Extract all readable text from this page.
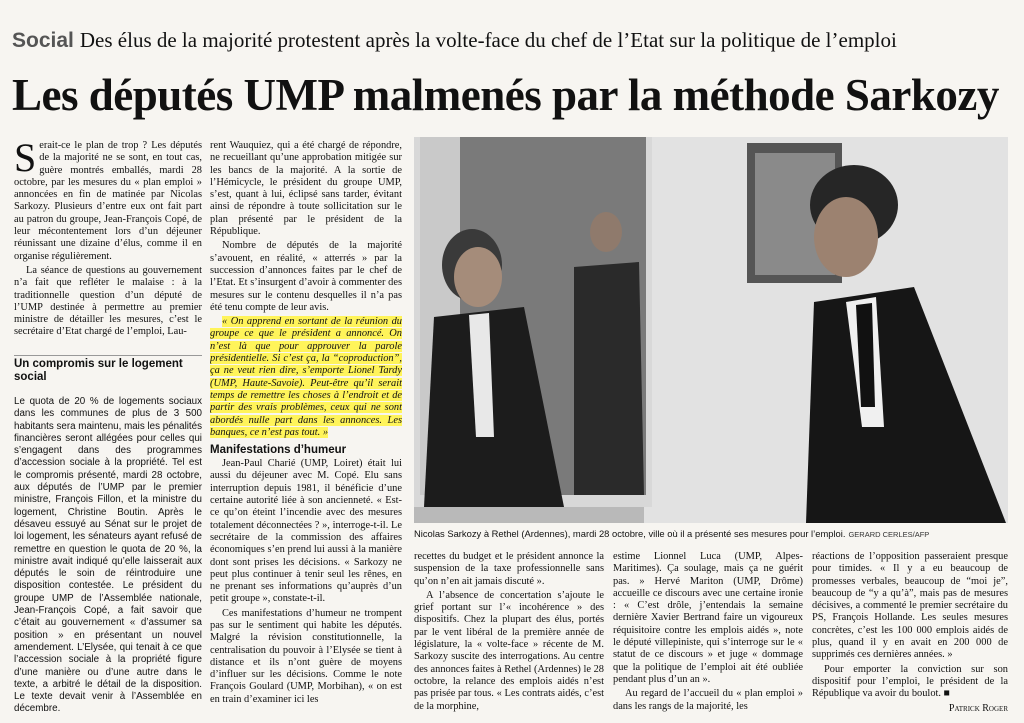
Social Des élus de la majorité protestent après la volte-face du chef de l’Etat sur la politique de l’emploi
Les députés UMP malmenés par la méthode Sarkozy

Serait-ce le plan de trop ? Les députés de la majorité ne se sont, en tout cas, guère montrés emballés, mardi 28 octobre, par les mesures du « plan emploi » annoncées en fin de matinée par Nicolas Sarkozy. Plusieurs d’entre eux ont fait part au patron du groupe, Jean-François Copé, de leur mécontentement lors d’un déjeuner réunissant une dizaine d’élus, comme il en organise régulièrement.

La séance de questions au gouvernement n’a fait que refléter le malaise : à la traditionnelle question d’un député de l’UMP destinée à permettre au premier ministre de détailler les mesures, c’est le secrétaire d’Etat chargé de l’emploi, Lau-

Un compromis sur le logement social

Le quota de 20 % de logements sociaux dans les communes de plus de 3 500 habitants sera maintenu, mais les pénalités financières seront allégées pour celles qui s’engagent dans des programmes d’accession sociale à la propriété. Tel est le compromis présenté, mardi 28 octobre, aux députés de l’UMP par le premier ministre, François Fillon, et la ministre du logement, Christine Boutin. Après le désaveu essuyé au Sénat sur le projet de loi logement, les sénateurs ayant refusé de remettre en question le quota de 20 %, la ministre avait indiqué qu’elle laisserait aux députés le soin de réintroduire une disposition contestée. Le président du groupe UMP de l’Assemblée nationale, Jean-François Copé, a fait savoir que c’était au gouvernement « d’assumer sa position » en présentant un nouvel amendement. L’Elysée, qui tenait à ce que l’accession sociale à la propriété figure d’une manière ou d’une autre dans le texte, a arbitré le détail de la disposition. Le texte devait venir à l’Assemblée en décembre.

rent Wauquiez, qui a été chargé de répondre, ne recueillant qu’une approbation mitigée sur les bancs de la majorité. A la sortie de l’Hémicycle, le président du groupe UMP, s’est, quant à lui, éclipsé sans tarder, évitant ainsi de répondre à toute sollicitation sur le plan présenté par le président de la République.

Nombre de députés de la majorité s’avouent, en réalité, « atterrés » par la succession d’annonces faites par le chef de l’Etat. Et s’insurgent d’avoir à commenter des mesures sur le contenu desquelles il n’a pas été tenu compte de leur avis.

« On apprend en sortant de la réunion du groupe ce que le président a annoncé. On n’est là que pour approuver la parole présidentielle. Si c’est ça, la “coproduction”, ça ne veut rien dire, s’emporte Lionel Tardy (UMP, Haute-Savoie). Peut-être qu’il serait temps de remettre les choses à l’endroit et de partir des vrais problèmes, ceux qui ne sont abordés nulle part dans les annonces. Les banques, ce n’est pas tout. »

Manifestations d’humeur

Jean-Paul Charié (UMP, Loiret) était lui aussi du déjeuner avec M. Copé. Elu sans interruption depuis 1981, il bénéficie d’une certaine autorité liée à son ancienneté. « Est-ce qu’on éteint l’incendie avec des mesures totalement déconnectées ? », interroge-t-il. Le secrétaire de la commission des affaires économiques s’en prend lui aussi à la manière dont sont prises les décisions. « Sarkozy ne peut plus continuer à tenir seul les rênes, en ne prenant ses informations qu’auprès d’un petit groupe », constate-t-il.

Ces manifestations d’humeur ne trompent pas sur le sentiment qui habite les députés. Malgré la révision constitutionnelle, la centralisation du pouvoir à l’Elysée se tient à distance et ils n’ont guère de moyens d’influer sur les décisions. Comme le note François Goulard (UMP, Morbihan), « on est en train d’examiner ici les

Nicolas Sarkozy à Rethel (Ardennes), mardi 28 octobre, ville où il a présenté ses mesures pour l’emploi. GERARD CERLES/AFP

recettes du budget et le président annonce la suspension de la taxe professionnelle sans qu’on n’en ait jamais discuté ».

A l’absence de concertation s’ajoute le grief portant sur l’« incohérence » des dispositifs. Chez la plupart des élus, portés par le vent libéral de la première année de législature, la « volte-face » récente de M. Sarkozy suscite des interrogations. Au centre des annonces faites à Rethel (Ardennes) le 28 octobre, la relance des emplois aidés n’est pas prisée par tous. « Les contrats aidés, c’est de la morphine,

estime Lionnel Luca (UMP, Alpes-Maritimes). Ça soulage, mais ça ne guérit pas. » Hervé Mariton (UMP, Drôme) accueille ce discours avec une certaine ironie : « C’est drôle, j’entendais la semaine dernière Xavier Bertrand faire un vigoureux réquisitoire contre les emplois aidés », note le député villepiniste, qui s’interroge sur le « statut de ce discours » et juge « dommage que la politique de l’emploi ait été oubliée pendant plus d’un an ».

Au regard de l’accueil du « plan emploi » dans les rangs de la majorité, les

réactions de l’opposition passeraient presque pour timides. « Il y a eu beaucoup de promesses verbales, beaucoup de “moi je”, beaucoup de “y a qu’à”, mais pas de mesures décisives, a commenté le premier secrétaire du PS, François Hollande. Les seules mesures concrètes, c’est les 100 000 emplois aidés de plus, quand il y en avait en 200 000 de supprimés ces dernières années. »

Pour emporter la conviction sur son dispositif pour l’emploi, le président de la République va avoir du boulot. ■

Patrick Roger
